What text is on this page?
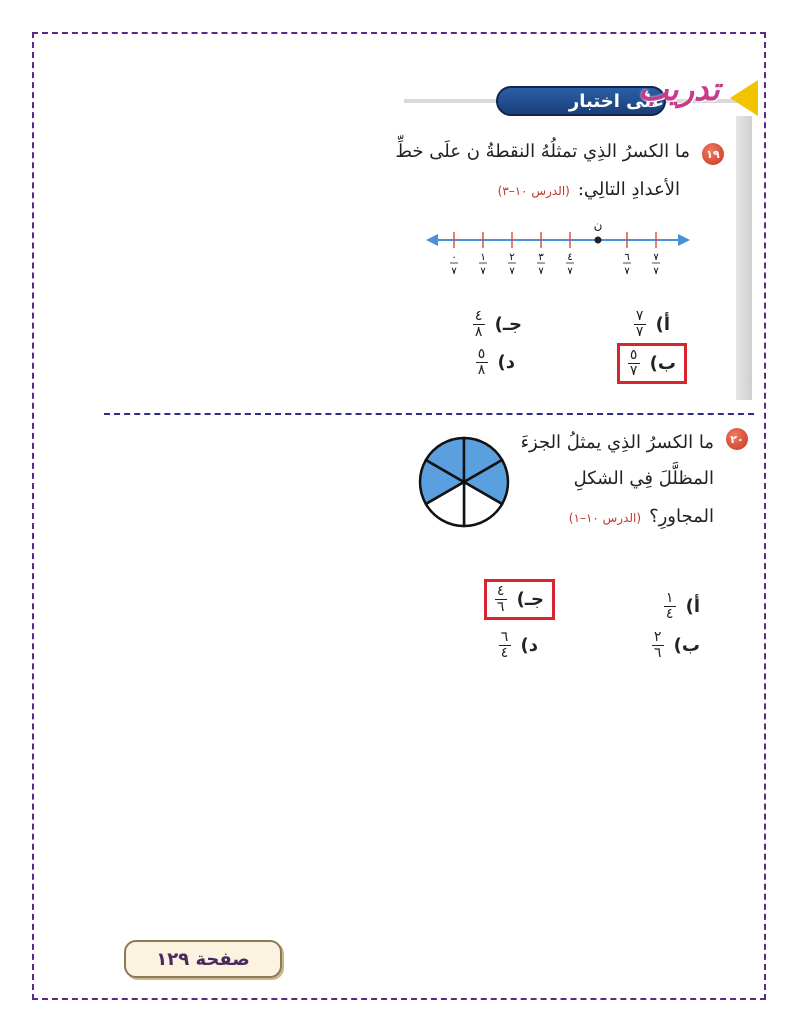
على اختبار
تدريب
١٩
ما الكسرُ الذِي تمثلُهُ النقطةُ ن علَى خطِّ
الأعدادِ التالِي:(الدرس ١٠–٣)
٠
٧
١
٧
٢
٧
٣
٧
٤
٧
٦
٧
٧
٧
ن
أ)
$\frac{٧}{٧}$
ب)
$\frac{٥}{٧}$
جـ)
$\frac{٤}{٨}$
د)
$\frac{٥}{٨}$
٢٠
ما الكسرُ الذِي يمثلُ الجزءَ
المظلَّلَ فِي الشكلِ
المجاورِ؟(الدرس ١٠–١)
أ)
$\frac{١}{٤}$
ب)
$\frac{٢}{٦}$
جـ)
$\frac{٤}{٦}$
د)
$\frac{٦}{٤}$
صفحة ١٢٩
